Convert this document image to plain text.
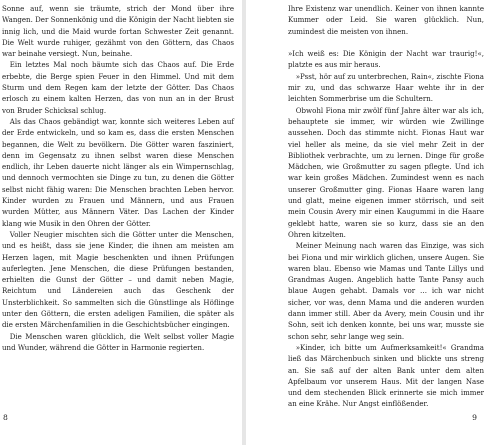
Sonne auf, wenn sie träumte, strich der Mond über ihre Wangen. Der Sonnenkönig und die Königin der Nacht liebten sie innig lich, und die Maid wurde fortan Schwester Zeit genannt. Die Welt wurde ruhiger, gezähmt von den Göttern, das Chaos war beinahe versiegt. Nun, beinahe.

Ein letztes Mal noch bäumte sich das Chaos auf. Die Erde erbebte, die Berge spien Feuer in den Himmel. Und mit dem Sturm und dem Regen kam der letzte der Götter. Das Chaos erlosch zu einem kalten Herzen, das von nun an in der Brust von Bruder Schicksal schlug.

Als das Chaos gebändigt war, konnte sich weiteres Leben auf der Erde entwickeln, und so kam es, dass die ersten Menschen begannen, die Welt zu bevölkern. Die Götter waren fasziniert, denn im Gegensatz zu ihnen selbst waren diese Menschen endlich, ihr Leben dauerte nicht länger als ein Wimpernschlag, und dennoch vermochten sie Dinge zu tun, zu denen die Götter selbst nicht fähig waren: Die Menschen brachten Leben hervor. Kinder wurden zu Frauen und Männern, und aus Frauen wurden Mütter, aus Männern Väter. Das Lachen der Kinder klang wie Musik in den Ohren der Götter.

Voller Neugier mischten sich die Götter unter die Menschen, und es heißt, dass sie jene Kinder, die ihnen am meisten am Herzen lagen, mit Magie beschenkten und ihnen Prüfungen auferlegten. Jene Menschen, die diese Prüfungen bestanden, erhielten die Gunst der Götter – und damit neben Magie, Reichtum und Ländereien auch das Geschenk der Unsterblichkeit. So sammelten sich die Günstlinge als Höflinge unter den Göttern, die ersten adeligen Familien, die später als die ersten Märchenfamilien in die Geschichtsbücher eingingen.

Die Menschen waren glücklich, die Welt selbst voller Magie und Wunder, während die Götter in Harmonie regierten.

8

Ihre Existenz war unendlich. Keiner von ihnen kannte Kummer oder Leid. Sie waren glücklich. Nun, zumindest die meisten von ihnen.

»Ich weiß es: Die Königin der Nacht war traurig!«, platzte es aus mir heraus.

»Psst, hör auf zu unterbrechen, Rain«, zischte Fiona mir zu, und das schwarze Haar wehte ihr in der leichten Sommerbrise um die Schultern.

Obwohl Fiona mir zwölf fünf Jahre älter war als ich, behauptete sie immer, wir würden wie Zwillinge aussehen. Doch das stimmte nicht. Fionas Haut war viel heller als meine, da sie viel mehr Zeit in der Bibliothek verbrachte, um zu lernen. Dinge für große Mädchen, wie Großmutter zu sagen pflegte. Und ich war kein großes Mädchen. Zumindest wenn es nach unserer Großmutter ging. Fionas Haare waren lang und glatt, meine eigenen immer störrisch, und seit mein Cousin Avery mir einen Kaugummi in die Haare geklebt hatte, waren sie so kurz, dass sie an den Ohren kitzelten.

Meiner Meinung nach waren das Einzige, was sich bei Fiona und mir wirklich glichen, unsere Augen. Sie waren blau. Ebenso wie Mamas und Tante Lillys und Grandmas Augen. Angeblich hatte Tante Pansy auch blaue Augen gehabt. Damals vor … ich war nicht sicher, vor was, denn Mama und die anderen wurden dann immer still. Aber da Avery, mein Cousin und ihr Sohn, seit ich denken konnte, bei uns war, musste sie schon sehr, sehr lange weg sein.

»Kinder, ich bitte um Aufmerksamkeit!« Grandma ließ das Märchenbuch sinken und blickte uns streng an. Sie saß auf der alten Bank unter dem alten Apfelbaum vor unserem Haus. Mit der langen Nase und dem stechenden Blick erinnerte sie mich immer an eine Krähe. Nur Angst einflößender.

9
